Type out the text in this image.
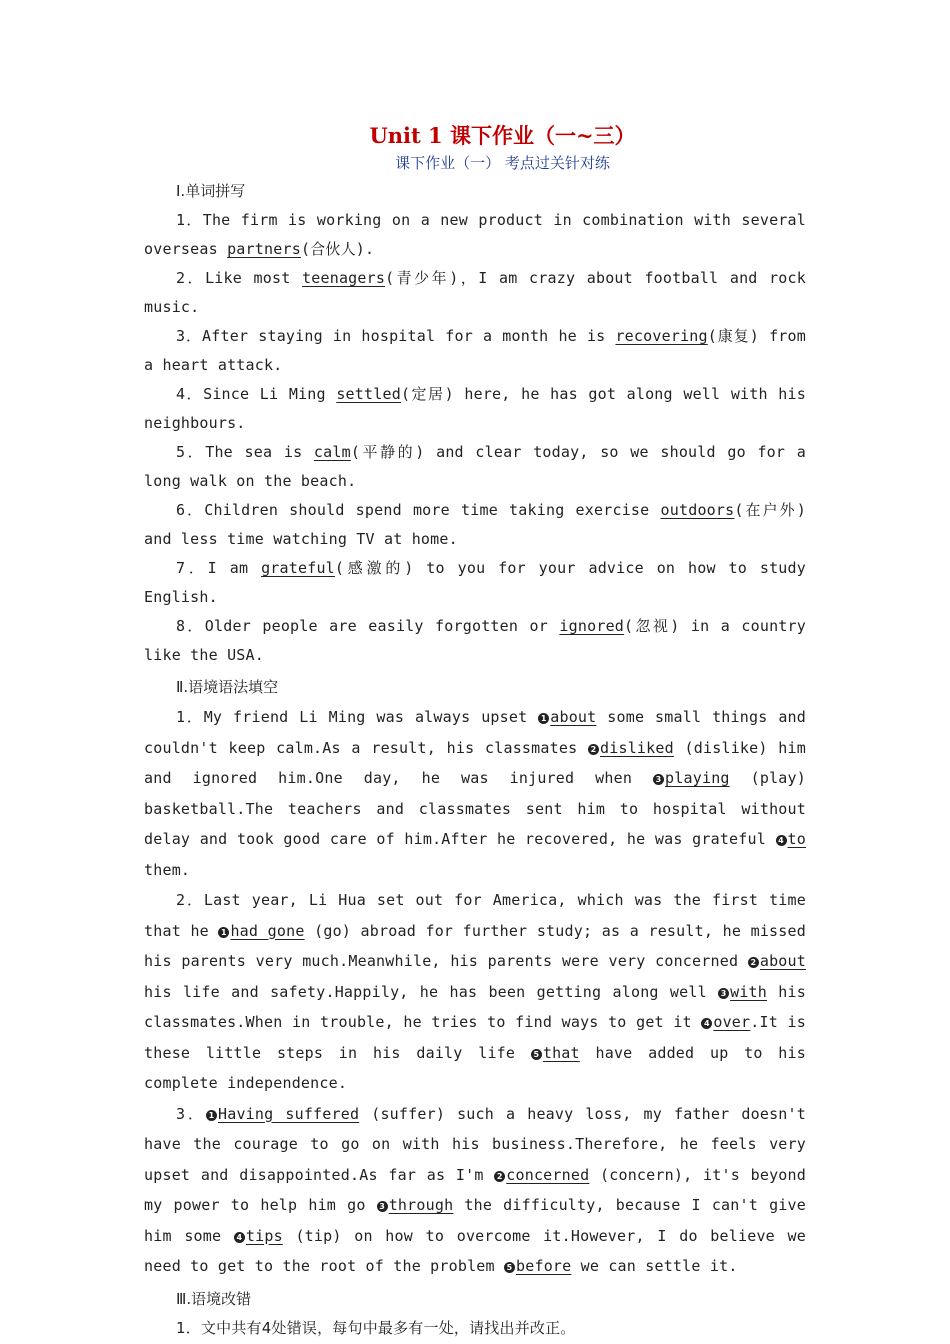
Unit 1 课下作业（一~三）
课下作业（一） 考点过关针对练
Ⅰ.单词拼写

1．The firm is working on a new product in combination with several overseas partners(合伙人).

2．Like most teenagers(青少年)，I am crazy about football and rock music.

3．After staying in hospital for a month he is recovering(康复) from a heart attack.

4．Since Li Ming settled(定居) here, he has got along well with his neighbours.

5．The sea is calm(平静的) and clear today, so we should go for a long walk on the beach.

6．Children should spend more time taking exercise outdoors(在户外) and less time watching TV at home.

7．I am grateful(感激的) to you for your advice on how to study English.

8．Older people are easily forgotten or ignored(忽视) in a country like the USA.

Ⅱ.语境语法填空

1．My friend Li Ming was always upset 1 about some small things and couldn't keep calm.As a result, his classmates 2 disliked (dislike) him and ignored him.One day, he was injured when 3 playing (play) basketball.The teachers and classmates sent him to hospital without delay and took good care of him.After he recovered, he was grateful 4 to them.

2．Last year, Li Hua set out for America, which was the first time that he 1 had gone (go) abroad for further study; as a result, he missed his parents very much.Meanwhile, his parents were very concerned 2 about his life and safety.Happily, he has been getting along well 3 with his classmates.When in trouble, he tries to find ways to get it 4 over.It is these little steps in his daily life 5 that have added up to his complete independence.

3． 1 Having suffered (suffer) such a heavy loss, my father doesn't have the courage to go on with his business.Therefore, he feels very upset and disappointed.As far as I'm 2 concerned (concern), it's beyond my power to help him go 3 through the difficulty, because I can't give him some 4 tips (tip) on how to overcome it.However, I do believe we need to get to the root of the problem 5 before we can settle it.

Ⅲ.语境改错

1．文中共有4处错误，每句中最多有一处，请找出并改正。
